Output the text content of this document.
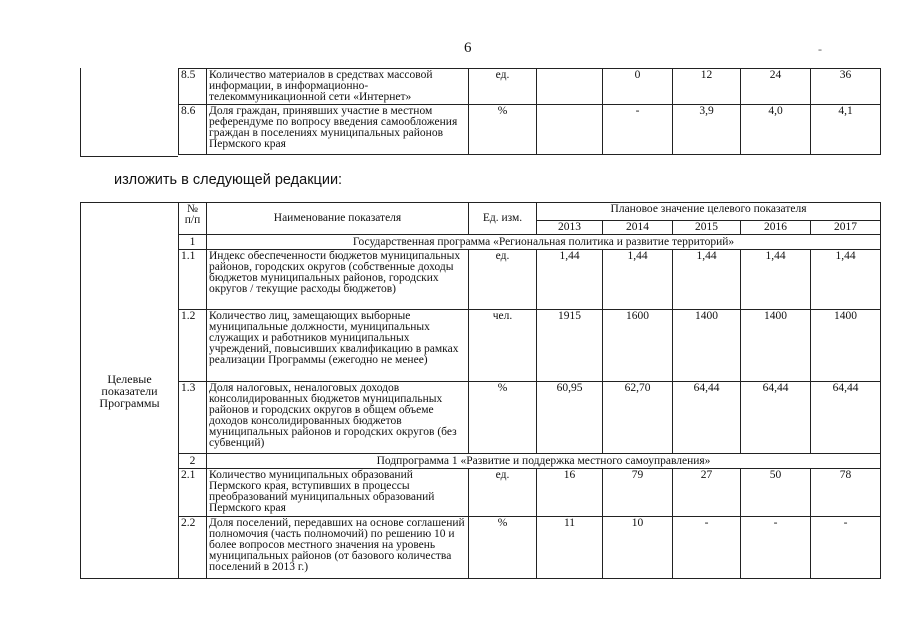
6	-
8.5	Количество материалов в средствах массовой информации, в информационно-телекоммуникационной сети «Интернет»	ед.		0	12	24	36
8.6	Доля граждан, принявших участие в местном референдуме по вопросу введения самообложения граждан в поселениях муниципальных районов Пермского края	%		-	3,9	4,0	4,1
изложить в следующей редакции:
Целевые показатели Программы	№ п/п	Наименование показателя	Ед. изм.	Плановое значение целевого показателя				
				2013	2014	2015	2016	2017
	1	Государственная программа «Региональная политика и развитие территорий»						
	1.1	Индекс обеспеченности бюджетов муниципальных районов, городских округов (собственные доходы бюджетов муниципальных районов, городских округов / текущие расходы бюджетов)	ед.	1,44	1,44	1,44	1,44	1,44
	1.2	Количество лиц, замещающих выборные муниципальные должности, муниципальных служащих и работников муниципальных учреждений, повысивших квалификацию в рамках реализации Программы (ежегодно не менее)	чел.	1915	1600	1400	1400	1400
	1.3	Доля налоговых, неналоговых доходов консолидированных бюджетов муниципальных районов и городских округов в общем объеме доходов консолидированных бюджетов муниципальных районов и городских округов (без субвенций)	%	60,95	62,70	64,44	64,44	64,44
	2	Подпрограмма 1 «Развитие и поддержка местного самоуправления»						
	2.1	Количество муниципальных образований Пермского края, вступивших в процессы преобразований муниципальных образований Пермского края	ед.	16	79	27	50	78
	2.2	Доля поселений, передавших на основе соглашений полномочия (часть полномочий) по решению 10 и более вопросов местного значения на уровень муниципальных районов (от базового количества поселений в 2013 г.)	%	11	10	-	-	-
